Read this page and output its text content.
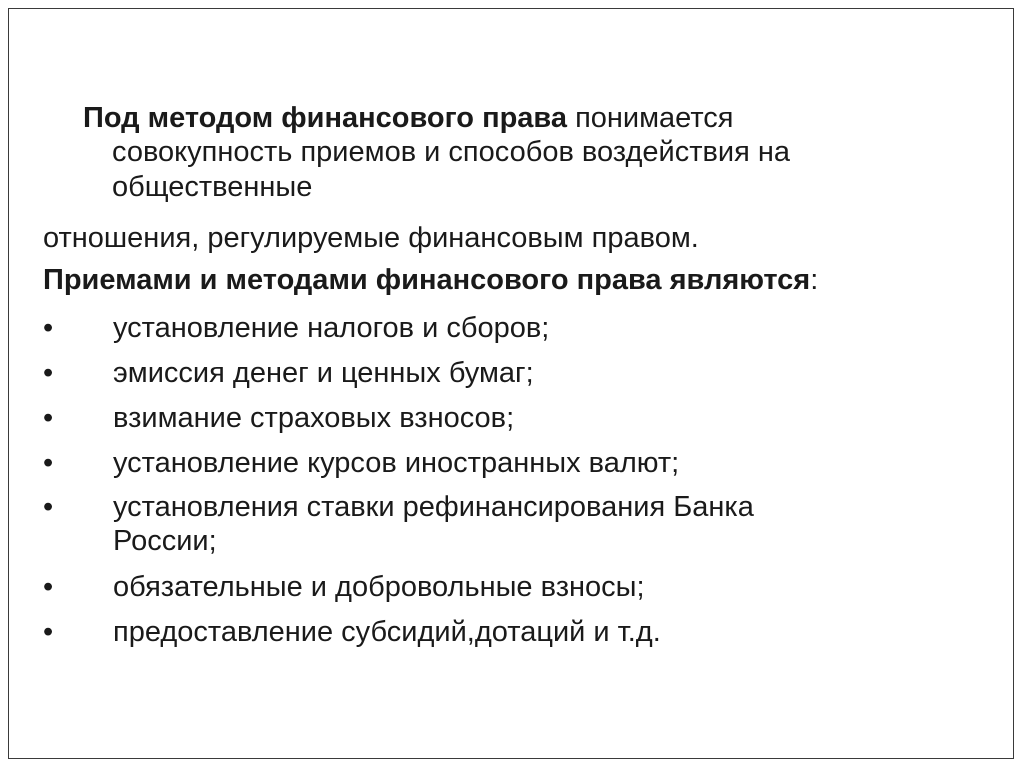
Под методом финансового права понимается
совокупность приемов и способов воздействия на
общественные
отношения, регулируемые финансовым правом.
Приемами и методами финансового права являются:
•	установление налогов и сборов;
•	эмиссия денег и ценных бумаг;
•	взимание страховых взносов;
•	установление курсов иностранных валют;
•	установления ставки рефинансирования Банка
России;
•	обязательные и добровольные взносы;
•	предоставление субсидий,дотаций и т.д.
